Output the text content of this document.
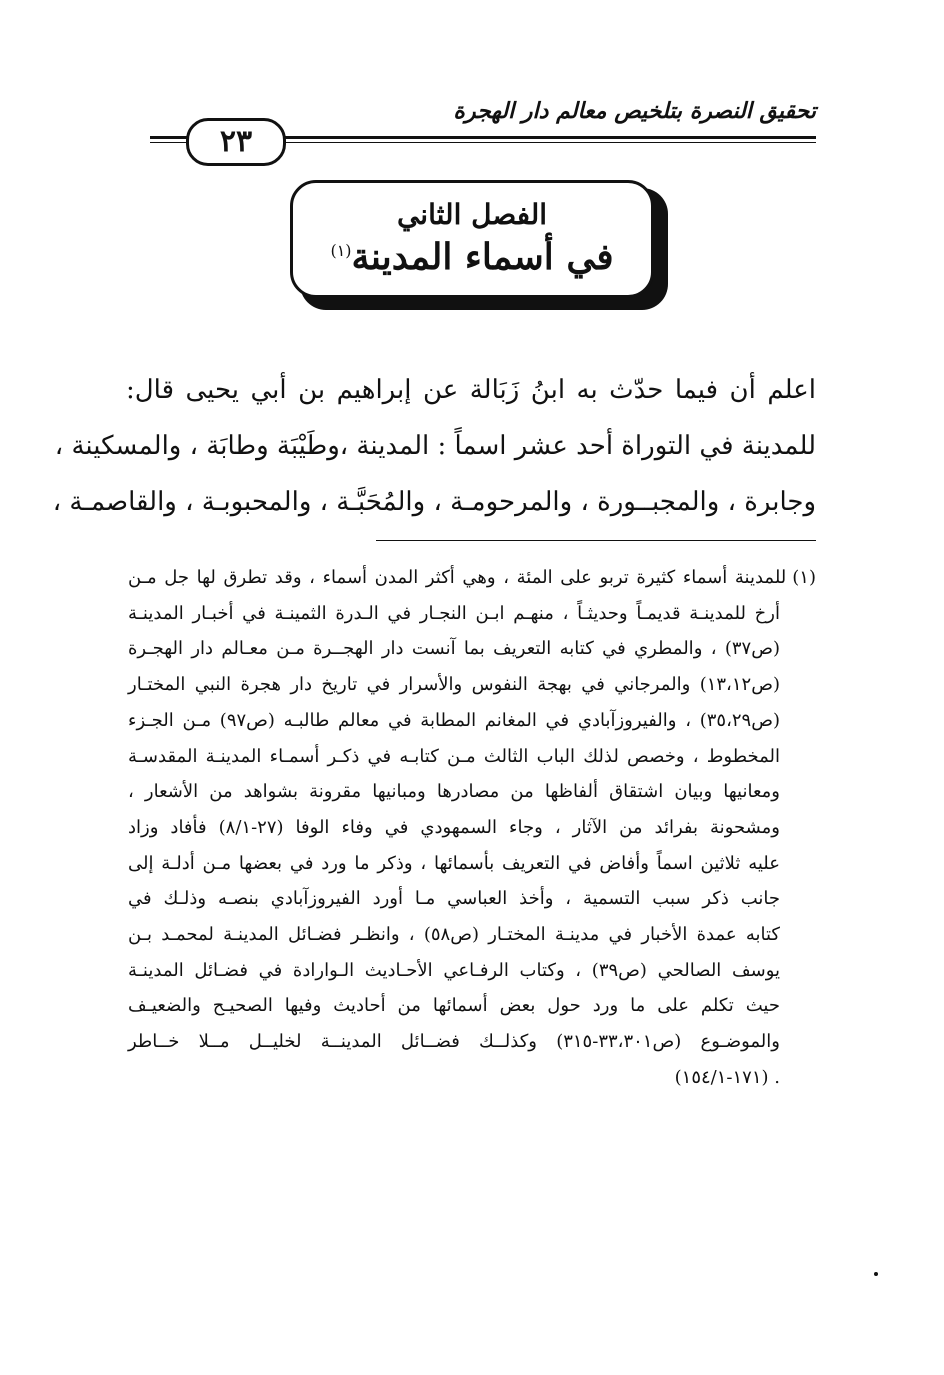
تحقيق النصرة بتلخيص معالم دار الهجرة
٢٣
الفصل الثاني
في أسماء المدينة$^{(١)}$
اعلم أن فيما حدّث به ابنُ زَبَالة عن إبراهيم بن أبي يحيى قال:
للمدينة في التوراة أحد عشر اسماً : المدينة ،وطَيْبَة وطابَة ، والمسكينة ،
وجابرة ، والمجبــورة ، والمرحومـة ، والمُحَبَّـة ، والمحبوبـة ، والقاصمـة ،
(١)للمدينة أسماء كثيرة تربو على المئة ، وهي أكثر المدن أسماء ، وقد تطرق لها جل مـن
أرخ للمدينـة قديمـاً وحديثـاً ، منهـم ابـن النجـار في الـدرة الثمينـة في أخبـار المدينـة
(ص٣٧) ، والمطري في كتابه التعريف بما آنست دار الهجــرة مـن معـالم دار الهجـرة
(ص١٣،١٢) والمرجاني في بهجة النفوس والأسرار في تاريخ دار هجرة النبي المختـار
(ص٣٥،٢٩) ، والفيروزآبادي في المغانم المطابة في معالم طالبـه (ص٩٧) مـن الجـزء
المخطوط ، وخصص لذلك الباب الثالث مـن كتابـه في ذكـر أسمـاء المدينـة المقدسـة
ومعانيها وبيان اشتقاق ألفاظها من مصادرها ومبانيها مقرونة بشواهد من الأشعار ،
ومشحونة بفرائد من الآثار ، وجاء السمهودي في وفاء الوفا (٢٧-٨/١) فأفاد وزاد
عليه ثلاثين اسماً وأفاض في التعريف بأسمائها ، وذكر ما ورد في بعضها مـن أدلـة إلى
جانب ذكر سبب التسمية ، وأخذ العباسي مـا أورد الفيروزآبادي بنصـه وذلـك في
كتابه عمدة الأخبار في مدينـة المختـار (ص٥٨) ، وانظـر فضـائل المدينـة لمحمـد بـن
يوسف الصالحي (ص٣٩) ، وكتاب الرفـاعي الأحـاديث الـوارادة في فضـائل المدينـة
حيث تكلم على ما ورد حول بعض أسمائها من أحاديث وفيها الصحيـح والضعيـف
والموضـوع (ص٣٣،٣٠١-٣١٥) وكذلــك فضــائل المدينــة لخليــل مــلا خــاطر
. (١٧١-١٥٤/١)
